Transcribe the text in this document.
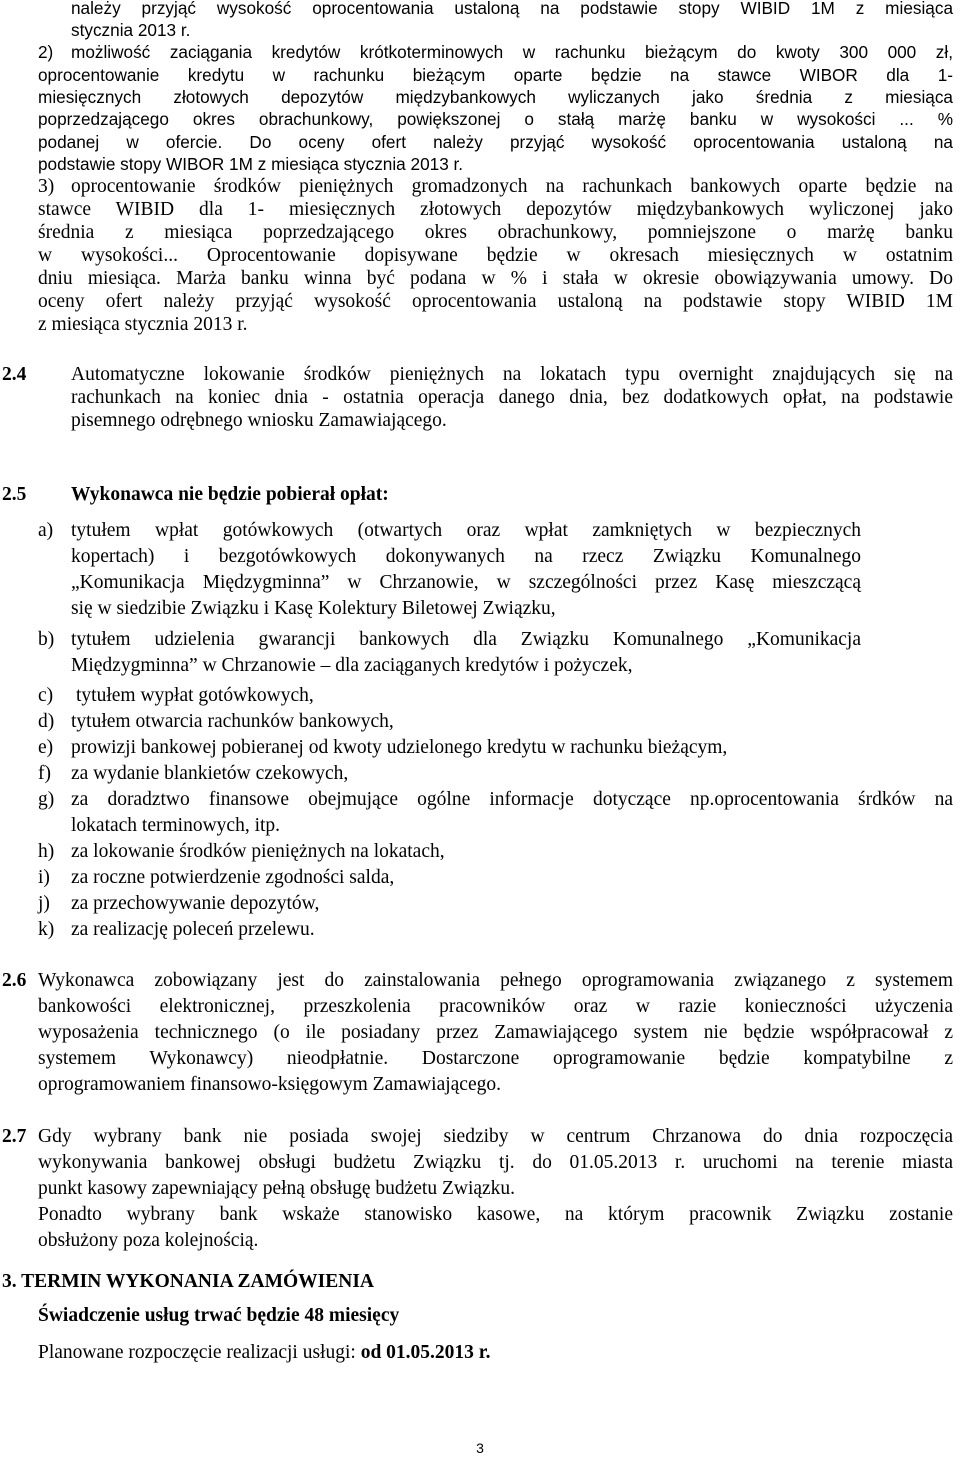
należy przyjąć wysokość oprocentowania ustaloną na podstawie stopy WIBID 1M z miesiąca
stycznia 2013 r.
2) możliwość zaciągania kredytów krótkoterminowych w rachunku bieżącym do kwoty 300 000 zł,
oprocentowanie kredytu w rachunku bieżącym oparte będzie na stawce WIBOR dla 1-
miesięcznych złotowych depozytów międzybankowych wyliczanych jako średnia z miesiąca
poprzedzającego okres obrachunkowy, powiększonej o stałą marżę banku w wysokości ... %
podanej w ofercie. Do oceny ofert należy przyjąć wysokość oprocentowania ustaloną na
podstawie stopy WIBOR 1M z miesiąca stycznia 2013 r.
3) oprocentowanie środków pieniężnych gromadzonych na rachunkach bankowych oparte będzie na
stawce WIBID dla 1- miesięcznych złotowych depozytów międzybankowych wyliczonej jako
średnia z miesiąca poprzedzającego okres obrachunkowy, pomniejszone o marżę banku
w wysokości... Oprocentowanie dopisywane będzie w okresach miesięcznych w ostatnim
dniu miesiąca. Marża banku winna być podana w % i stała w okresie obowiązywania umowy. Do
oceny ofert należy przyjąć wysokość oprocentowania ustaloną na podstawie stopy WIBID 1M
z miesiąca stycznia 2013 r.
2.4 Automatyczne lokowanie środków pieniężnych na lokatach typu overnight znajdujących się na
rachunkach na koniec dnia - ostatnia operacja danego dnia, bez dodatkowych opłat, na podstawie
pisemnego odrębnego wniosku Zamawiającego.
2.5 Wykonawca nie będzie pobierał opłat:
a) tytułem wpłat gotówkowych (otwartych oraz wpłat zamkniętych w bezpiecznych
kopertach) i bezgotówkowych dokonywanych na rzecz Związku Komunalnego
„Komunikacja Międzygminna” w Chrzanowie, w szczególności przez Kasę mieszczącą
się w siedzibie Związku i Kasę Kolektury Biletowej Związku,
b) tytułem udzielenia gwarancji bankowych dla Związku Komunalnego „Komunikacja
Międzygminna” w Chrzanowie – dla zaciąganych kredytów i pożyczek,
c) tytułem wypłat gotówkowych,
d) tytułem otwarcia rachunków bankowych,
e) prowizji bankowej pobieranej od kwoty udzielonego kredytu w rachunku bieżącym,
f) za wydanie blankietów czekowych,
g) za doradztwo finansowe obejmujące ogólne informacje dotyczące np.oprocentowania śrdków na
lokatach terminowych, itp.
h) za lokowanie środków pieniężnych na lokatach,
i) za roczne potwierdzenie zgodności salda,
j) za przechowywanie depozytów,
k) za realizację poleceń przelewu.
2.6 Wykonawca zobowiązany jest do zainstalowania pełnego oprogramowania związanego z systemem
bankowości elektronicznej, przeszkolenia pracowników oraz w razie konieczności użyczenia
wyposażenia technicznego (o ile posiadany przez Zamawiającego system nie będzie współpracował z
systemem Wykonawcy) nieodpłatnie. Dostarczone oprogramowanie będzie kompatybilne z
oprogramowaniem finansowo-księgowym Zamawiającego.
2.7 Gdy wybrany bank nie posiada swojej siedziby w centrum Chrzanowa do dnia rozpoczęcia
wykonywania bankowej obsługi budżetu Związku tj. do 01.05.2013 r. uruchomi na terenie miasta
punkt kasowy zapewniający pełną obsługę budżetu Związku.
Ponadto wybrany bank wskaże stanowisko kasowe, na którym pracownik Związku zostanie
obsłużony poza kolejnością.
3. TERMIN WYKONANIA ZAMÓWIENIA
Świadczenie usług trwać będzie 48 miesięcy
Planowane rozpoczęcie realizacji usługi: od 01.05.2013 r.
3
